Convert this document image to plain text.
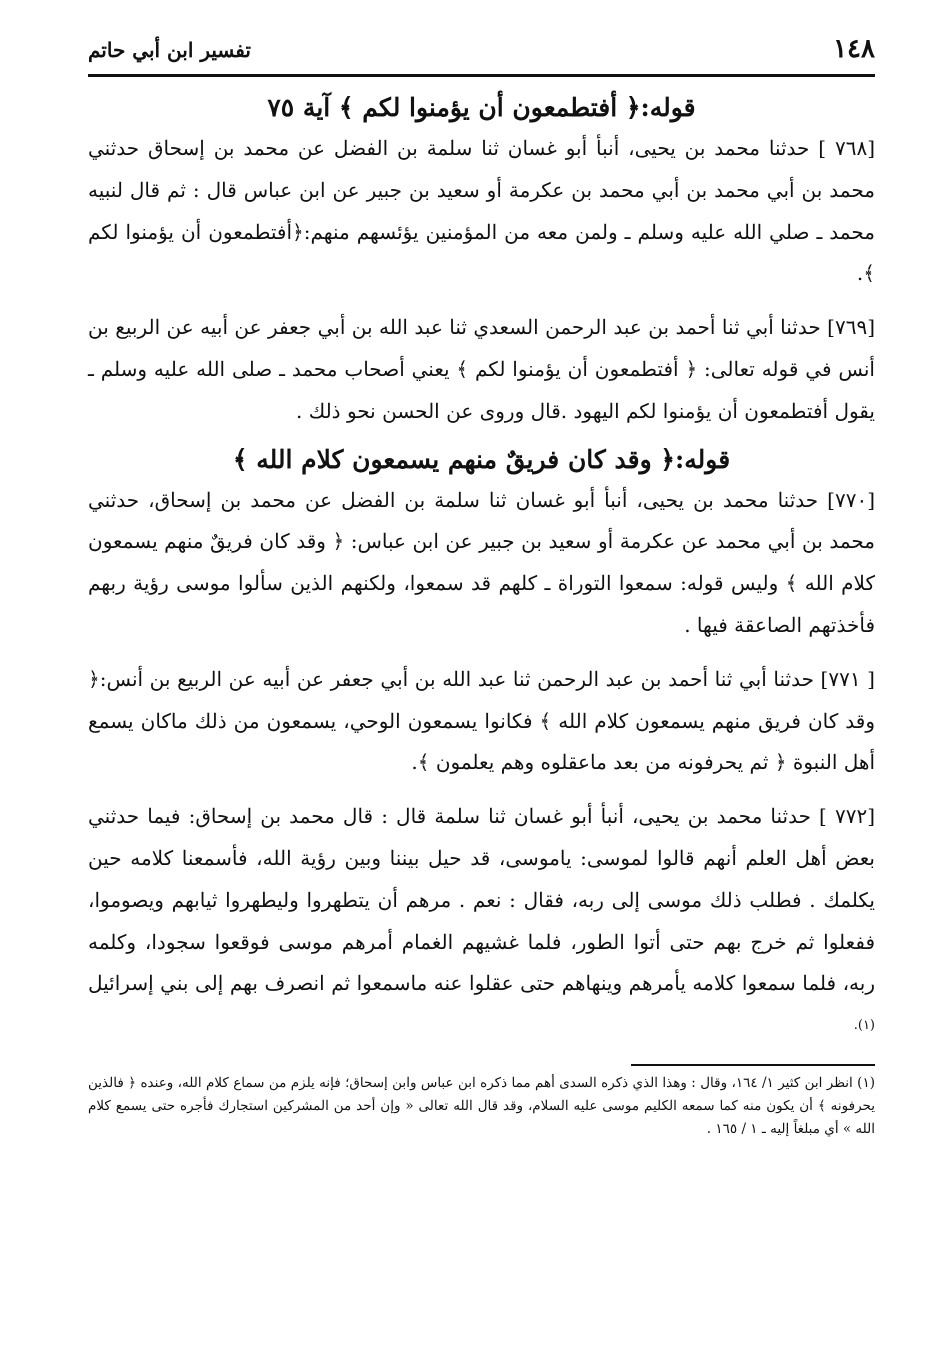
١٤٨
تفسير ابن أبي حاتم
قوله:﴿ أفتطمعون أن يؤمنوا لكم ﴾ آية ٧٥

[٧٦٨ ] حدثنا محمد بن يحيى، أنبأ أبو غسان ثنا سلمة بن الفضل عن محمد بن إسحاق حدثني محمد بن أبي محمد بن أبي محمد بن عكرمة أو سعيد بن جبير عن ابن عباس قال : ثم قال لنبيه محمد ـ صلي الله عليه وسلم ـ ولمن معه من المؤمنين يؤئسهم منهم:﴿أفتطمعون أن يؤمنوا لكم ﴾.

[٧٦٩] حدثنا أبي ثنا أحمد بن عبد الرحمن السعدي ثنا عبد الله بن أبي جعفر عن أبيه عن الربيع بن أنس في قوله تعالى: ﴿ أفتطمعون أن يؤمنوا لكم ﴾ يعني أصحاب محمد ـ صلى الله عليه وسلم ـ يقول أفتطمعون أن يؤمنوا لكم اليهود .قال وروى عن الحسن نحو ذلك .

قوله:﴿ وقد كان فريقٌ منهم يسمعون كلام الله ﴾

[٧٧٠] حدثنا محمد بن يحيى، أنبأ أبو غسان ثنا سلمة بن الفضل عن محمد بن إسحاق، حدثني محمد بن أبي محمد عن عكرمة أو سعيد بن جبير عن ابن عباس: ﴿ وقد كان فريقٌ منهم يسمعون كلام الله ﴾ وليس قوله: سمعوا التوراة ـ كلهم قد سمعوا، ولكنهم الذين سألوا موسى رؤية ربهم فأخذتهم الصاعقة فيها .

[ ٧٧١] حدثنا أبي ثنا أحمد بن عبد الرحمن ثنا عبد الله بن أبي جعفر عن أبيه عن الربيع بن أنس:﴿ وقد كان فريق منهم يسمعون كلام الله ﴾ فكانوا يسمعون الوحي، يسمعون من ذلك ماكان يسمع أهل النبوة ﴿ ثم يحرفونه من بعد ماعقلوه وهم يعلمون ﴾.

[٧٧٢ ] حدثنا محمد بن يحيى، أنبأ أبو غسان ثنا سلمة قال : قال محمد بن إسحاق: فيما حدثني بعض أهل العلم أنهم قالوا لموسى: ياموسى، قد حيل بيننا وبين رؤية الله، فأسمعنا كلامه حين يكلمك . فطلب ذلك موسى إلى ربه، فقال : نعم . مرهم أن يتطهروا وليطهروا ثيابهم ويصوموا، ففعلوا ثم خرج بهم حتى أتوا الطور، فلما غشيهم الغمام أمرهم موسى فوقعوا سجودا، وكلمه ربه، فلما سمعوا كلامه يأمرهم وينهاهم حتى عقلوا عنه ماسمعوا ثم انصرف بهم إلى بني إسرائيل $^{(١).}$

(١) انظر ابن كثير ١/ ١٦٤، وقال : وهذا الذي ذكره السدى أهم مما ذكره ابن عباس وابن إسحاق؛ فإنه يلزم من سماع كلام الله، وعنده ﴿ فالذين يحرفونه ﴾ أن يكون منه كما سمعه الكليم موسى عليه السلام، وقد قال الله تعالى « وإن أحد من المشركين استجارك فأجره حتى يسمع كلام الله » أي مبلغاً إليه ـ ١ / ١٦٥ .
